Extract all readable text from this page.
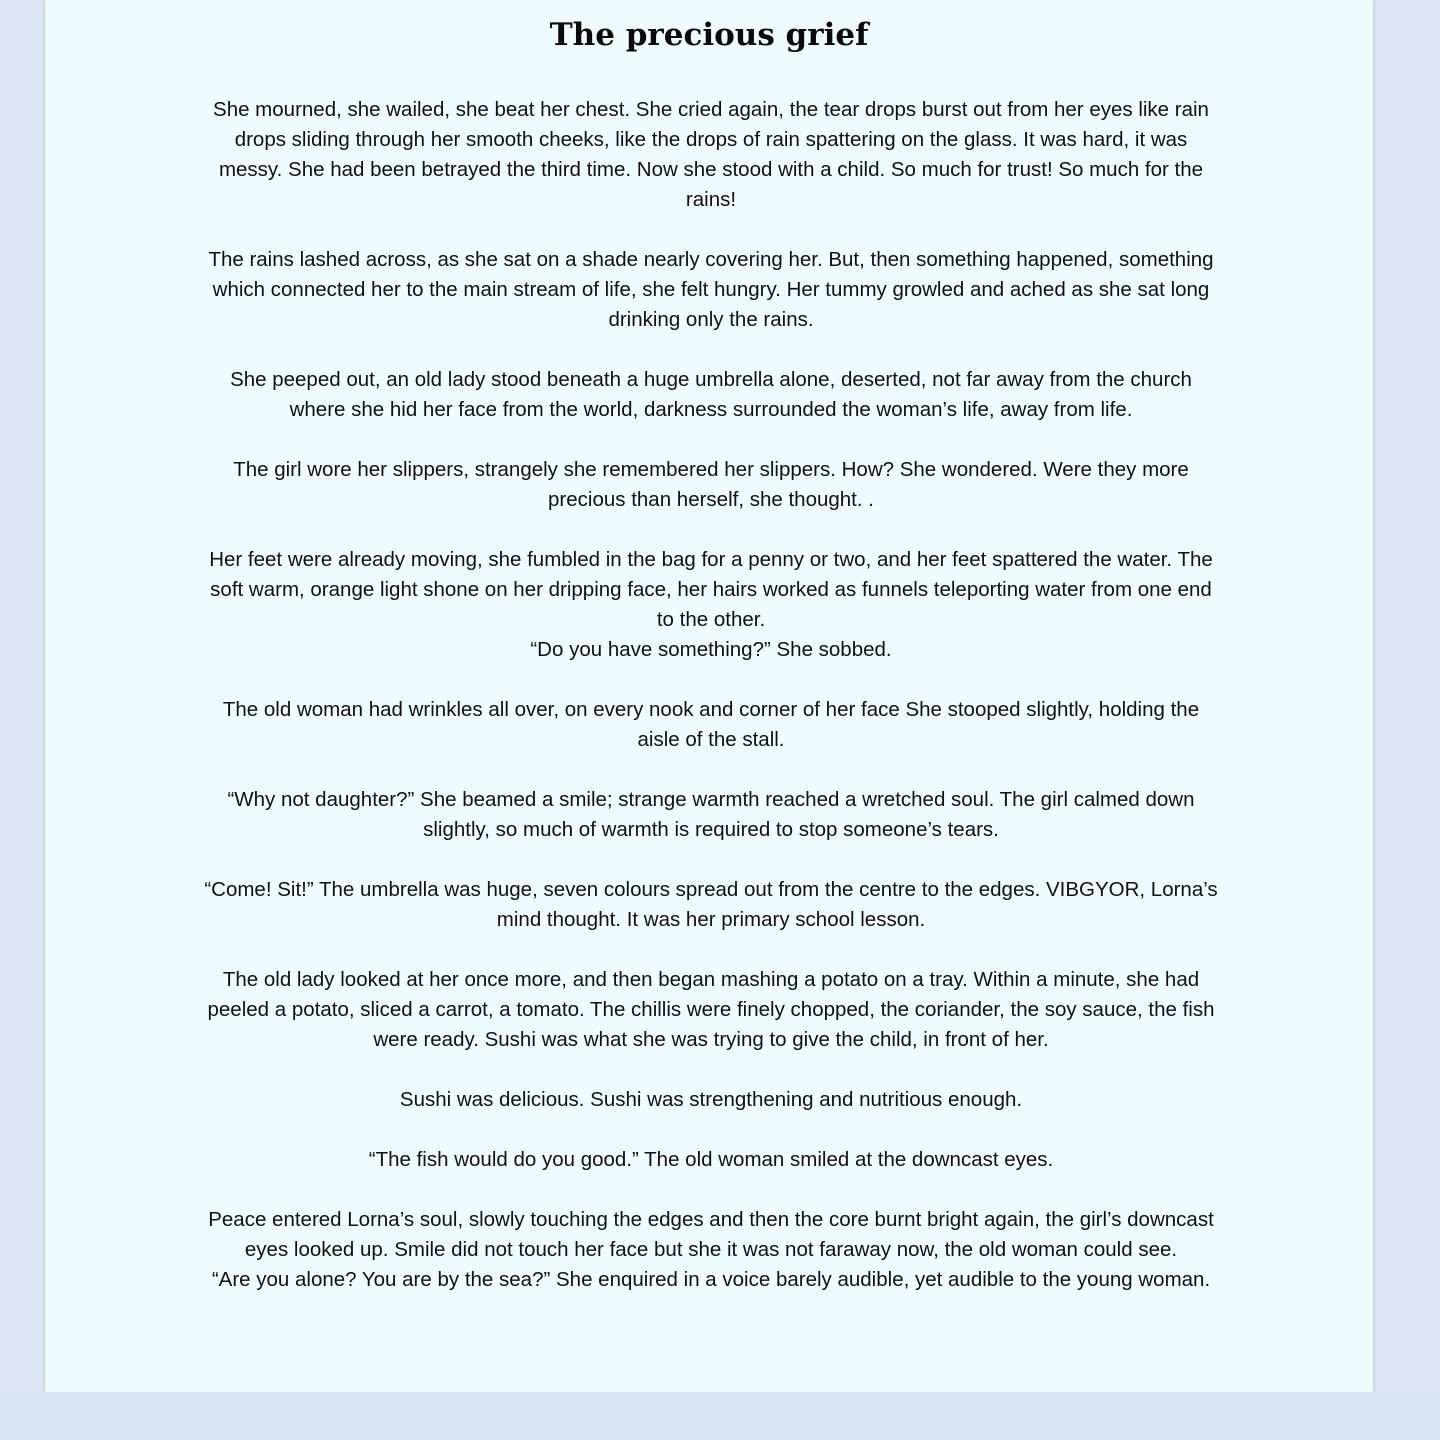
The precious grief

She mourned, she wailed, she beat her chest. She cried again, the tear drops burst out from her eyes like rain drops sliding through her smooth cheeks, like the drops of rain spattering on the glass. It was hard, it was messy. She had been betrayed the third time. Now she stood with a child. So much for trust! So much for the rains!

The rains lashed across, as she sat on a shade nearly covering her. But, then something happened, something which connected her to the main stream of life, she felt hungry. Her tummy growled and ached as she sat long drinking only the rains.

She peeped out, an old lady stood beneath a huge umbrella alone, deserted, not far away from the church where she hid her face from the world, darkness surrounded the woman’s life, away from life.

The girl wore her slippers, strangely she remembered her slippers. How? She wondered. Were they more precious than herself, she thought. .

Her feet were already moving, she fumbled in the bag for a penny or two, and her feet spattered the water. The soft warm, orange light shone on her dripping face, her hairs worked as funnels teleporting water from one end to the other.

“Do you have something?” She sobbed.

The old woman had wrinkles all over, on every nook and corner of her face She stooped slightly, holding the aisle of the stall.

“Why not daughter?” She beamed a smile; strange warmth reached a wretched soul. The girl calmed down slightly, so much of warmth is required to stop someone’s tears.

“Come! Sit!” The umbrella was huge, seven colours spread out from the centre to the edges. VIBGYOR, Lorna’s mind thought. It was her primary school lesson.

The old lady looked at her once more, and then began mashing a potato on a tray. Within a minute, she had peeled a potato, sliced a carrot, a tomato. The chillis were finely chopped, the coriander, the soy sauce, the fish were ready. Sushi was what she was trying to give the child, in front of her.

Sushi was delicious. Sushi was strengthening and nutritious enough.

“The fish would do you good.” The old woman smiled at the downcast eyes.

Peace entered Lorna’s soul, slowly touching the edges and then the core burnt bright again, the girl’s downcast eyes looked up. Smile did not touch her face but she it was not faraway now, the old woman could see.

“Are you alone? You are by the sea?” She enquired in a voice barely audible, yet audible to the young woman.
